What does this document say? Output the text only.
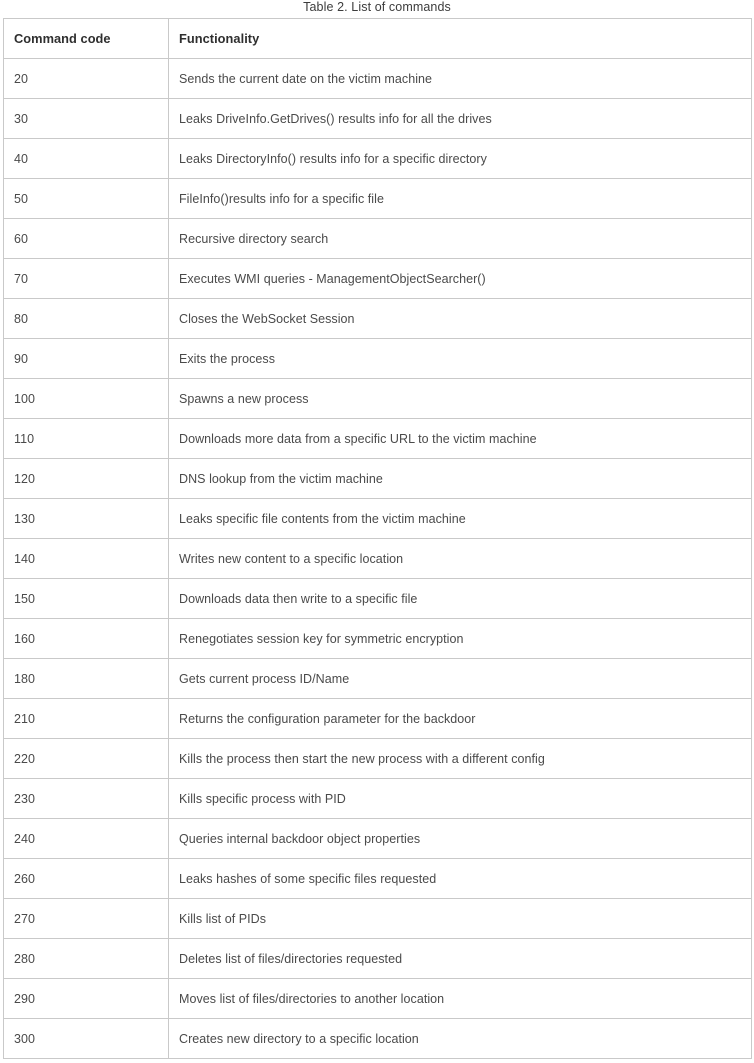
Table 2. List of commands
Command code	Functionality
20	Sends the current date on the victim machine
30	Leaks DriveInfo.GetDrives() results info for all the drives
40	Leaks DirectoryInfo() results info for a specific directory
50	FileInfo()results info for a specific file
60	Recursive directory search
70	Executes WMI queries - ManagementObjectSearcher()
80	Closes the WebSocket Session
90	Exits the process
100	Spawns a new process
110	Downloads more data from a specific URL to the victim machine
120	DNS lookup from the victim machine
130	Leaks specific file contents from the victim machine
140	Writes new content to a specific location
150	Downloads data then write to a specific file
160	Renegotiates session key for symmetric encryption
180	Gets current process ID/Name
210	Returns the configuration parameter for the backdoor
220	Kills the process then start the new process with a different config
230	Kills specific process with PID
240	Queries internal backdoor object properties
260	Leaks hashes of some specific files requested
270	Kills list of PIDs
280	Deletes list of files/directories requested
290	Moves list of files/directories to another location
300	Creates new directory to a specific location
